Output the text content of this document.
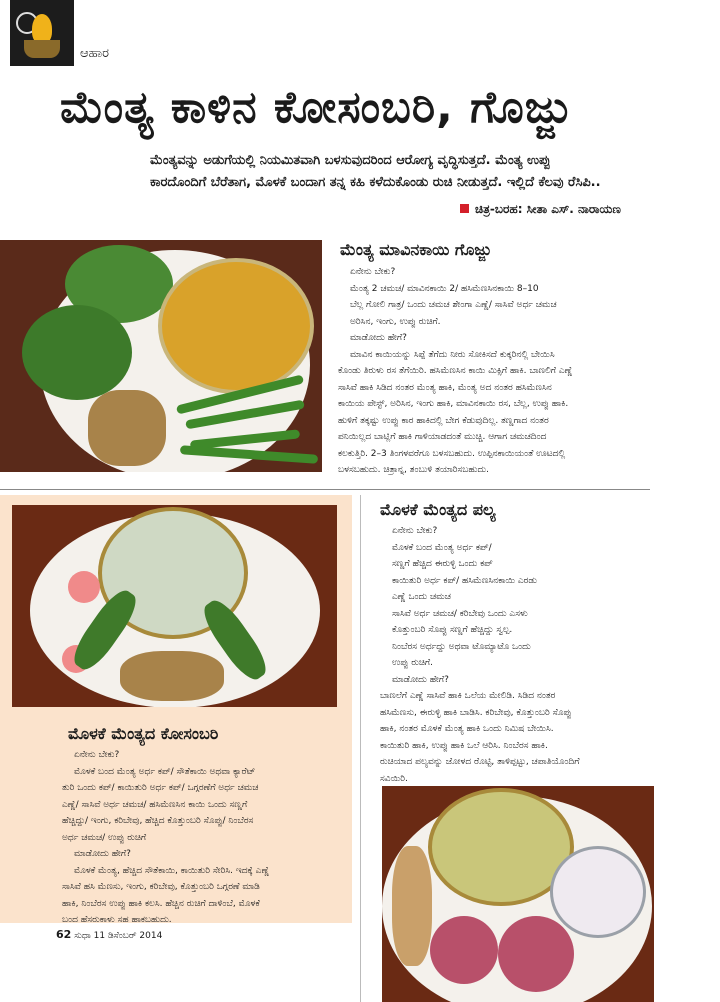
ಆಹಾರ
ಮೆಂತ್ಯ ಕಾಳಿನ ಕೋಸಂಬರಿ, ಗೊಜ್ಜು
ಮೆಂತ್ಯವನ್ನು ಅಡುಗೆಯಲ್ಲಿ ನಿಯಮಿತವಾಗಿ ಬಳಸುವುದರಿಂದ ಆರೋಗ್ಯ ವೃದ್ಧಿಸುತ್ತದೆ. ಮೆಂತ್ಯ ಉಪ್ಪು
ಕಾರದೊಂದಿಗೆ ಬೆರೆತಾಗ, ಮೊಳಕೆ ಬಂದಾಗ ತನ್ನ ಕಹಿ ಕಳೆದುಕೊಂಡು ರುಚಿ ನೀಡುತ್ತದೆ. ಇಲ್ಲಿದೆ ಕೆಲವು ರೆಸಿಪಿ..
ಚಿತ್ರ-ಬರಹ: ಸೀತಾ ಎಸ್. ನಾರಾಯಣ
ಮೆಂತ್ಯ ಮಾವಿನಕಾಯಿ ಗೊಜ್ಜು
ಏನೇನು ಬೇಕು?
ಮೆಂತ್ಯ 2 ಚಮಚ/ ಮಾವಿನಕಾಯಿ 2/ ಹಸಿಮೆಣಸಿನಕಾಯಿ 8–10
ಬೆಲ್ಲ ಗೋಲಿ ಗಾತ್ರ/ ಒಂದು ಚಮಚ ಶೇಂಗಾ ಎಣ್ಣೆ/ ಸಾಸಿವೆ ಅರ್ಧ ಚಮಚ
ಅರಿಸಿನ, ಇಂಗು, ಉಪ್ಪು ರುಚಿಗೆ.
ಮಾಡೋದು ಹೇಗೆ?
ಮಾವಿನ ಕಾಯಿಯನ್ನು ಸಿಪ್ಪೆ ತೆಗೆದು ನೀರು ಸೋಕಿಸದೆ ಕುಕ್ಕರಿನಲ್ಲಿ ಬೇಯಿಸಿ
ಕೊಂಡು ತಿರುಳು ರಸ ತೆಗೆಯಿರಿ. ಹಸಿಮೆಣಸಿನ ಕಾಯಿ ಮಿಕ್ಸಿಗೆ ಹಾಕಿ. ಬಾಣಲಿಗೆ ಎಣ್ಣೆ
ಸಾಸಿವೆ ಹಾಕಿ ಸಿಡಿದ ನಂತರ ಮೆಂತ್ಯ ಹಾಕಿ, ಮೆಂತ್ಯ ಅದ ನಂತರ ಹಸಿಮೆಣಸಿನ
ಕಾಯಿಯ ಪೇಸ್ಟ್, ಅರಿಸಿನ, ಇಂಗು ಹಾಕಿ, ಮಾವಿನಕಾಯಿ ರಸ, ಬೆಲ್ಲ, ಉಪ್ಪು ಹಾಕಿ.
ಹುಳಿಗೆ ತಕ್ಕಷ್ಟು ಉಪ್ಪು ಕಾರ ಹಾಕಿದಲ್ಲಿ ಬೇಗ ಕೆಡುವುದಿಲ್ಲ. ತಣ್ಣಗಾದ ನಂತರ
ಪನಿಯಿಲ್ಲದ ಬಾಟ್ಲಿಗೆ ಹಾಕಿ ಗಾಳಿಯಾಡದಂತೆ ಮುಚ್ಚಿ. ಆಗಾಗ ಚಮಚದಿಂದ
ಕಲಕುತ್ತಿರಿ. 2–3 ತಿಂಗಳವರೆಗೂ ಬಳಸಬಹುದು. ಉಪ್ಪಿನಕಾಯಿಯಂತೆ ಊಟದಲ್ಲಿ
ಬಳಸಬಹುದು. ಚಿತ್ರಾನ್ನ, ತಂಬುಳಿ ತಯಾರಿಸಬಹುದು.
ಮೊಳಕೆ ಮೆಂತ್ಯದ ಕೋಸಂಬರಿ
ಏನೇನು ಬೇಕು?
ಮೊಳಕೆ ಬಂದ ಮೆಂತ್ಯ ಅರ್ಧ ಕಪ್/ ಸೌತೆಕಾಯಿ ಅಥವಾ ಕ್ಯಾರೆಟ್
ತುರಿ ಒಂದು ಕಪ್/ ಕಾಯಿತುರಿ ಅರ್ಧ ಕಪ್/ ಒಗ್ಗರಣೆಗೆ ಅರ್ಧ ಚಮಚ
ಎಣ್ಣೆ/ ಸಾಸಿವೆ ಅರ್ಧ ಚಮಚ/ ಹಸಿಮೆಣಸಿನ ಕಾಯಿ ಒಂದು ಸಣ್ಣಗೆ
ಹೆಚ್ಚಿದ್ದು/ ಇಂಗು, ಕರಿಬೇವು, ಹೆಚ್ಚಿದ ಕೊತ್ತುಂಬರಿ ಸೊಪ್ಪು/ ನಿಂಬೆರಸ
ಅರ್ಧ ಚಮಚ/ ಉಪ್ಪು ರುಚಿಗೆ
ಮಾಡೋದು ಹೇಗೆ?
ಮೊಳಕೆ ಮೆಂತ್ಯ, ಹೆಚ್ಚಿದ ಸೌತೆಕಾಯಿ, ಕಾಯಿತುರಿ ಸೇರಿಸಿ. ಇದಕ್ಕೆ ಎಣ್ಣೆ
ಸಾಸಿವೆ ಹಸಿ ಮೆಣಸು, ಇಂಗು, ಕರಿಬೇವು, ಕೊತ್ತುಂಬರಿ ಒಗ್ಗರಣೆ ಮಾಡಿ
ಹಾಕಿ, ನಿಂಬೆರಸ ಉಪ್ಪು ಹಾಕಿ ಕಲಸಿ. ಹೆಚ್ಚಿನ ರುಚಿಗೆ ದಾಳಿಂಬೆ, ಮೊಳಕೆ
ಬಂದ ಹೆಸರುಕಾಳು ಸಹ ಹಾಕಬಹುದು.
ಮೊಳಕೆ ಮೆಂತ್ಯದ ಪಲ್ಯ
ಏನೇನು ಬೇಕು?
ಮೊಳಕೆ ಬಂದ ಮೆಂತ್ಯ ಅರ್ಧ ಕಪ್/
ಸಣ್ಣಗೆ ಹೆಚ್ಚಿದ ಈರುಳ್ಳಿ ಒಂದು ಕಪ್
ಕಾಯಿತುರಿ ಅರ್ಧ ಕಪ್/ ಹಸಿಮೆಣಸಿನಕಾಯಿ ಎರಡು
ಎಣ್ಣೆ ಒಂದು ಚಮಚ
ಸಾಸಿವೆ ಅರ್ಧ ಚಮಚ/ ಕರಿಬೇವು ಒಂದು ಎಸಳು
ಕೊತ್ತುಂಬರಿ ಸೊಪ್ಪು ಸಣ್ಣಗೆ ಹೆಚ್ಚಿದ್ದು ಸ್ವಲ್ಪ.
ನಿಂಬೆರಸ ಅರ್ಧದ್ದು ಅಥವಾ ಟೊಮ್ಯಾಟೊ ಒಂದು
ಉಪ್ಪು ರುಚಿಗೆ.
ಮಾಡೋದು ಹೇಗೆ?
ಬಾಣಲೆಗೆ ಎಣ್ಣೆ ಸಾಸಿವೆ ಹಾಕಿ ಒಲೆಯ ಮೇಲಿಡಿ. ಸಿಡಿದ ನಂತರ
ಹಸಿಮೆಣಸು, ಈರುಳ್ಳಿ ಹಾಕಿ ಬಾಡಿಸಿ. ಕರಿಬೇವು, ಕೊತ್ತುಂಬರಿ ಸೊಪ್ಪು
ಹಾಕಿ, ನಂತರ ಮೊಳಕೆ ಮೆಂತ್ಯ ಹಾಕಿ ಒಂದು ನಿಮಿಷ ಬೇಯಿಸಿ.
ಕಾಯಿತುರಿ ಹಾಕಿ, ಉಪ್ಪು ಹಾಕಿ ಒಲೆ ಆರಿಸಿ. ನಿಂಬೆರಸ ಹಾಕಿ.
ರುಚಿಯಾದ ಪಲ್ಯವನ್ನು ಜೋಳದ ರೊಟ್ಟಿ, ತಾಳಿಪ್ಪಟ್ಟು, ಚಪಾತಿಯೊಂದಿಗೆ
ಸವಿಯಿರಿ.
62 ಸುಧಾ 11 ಡಿಸೆಂಬರ್ 2014
